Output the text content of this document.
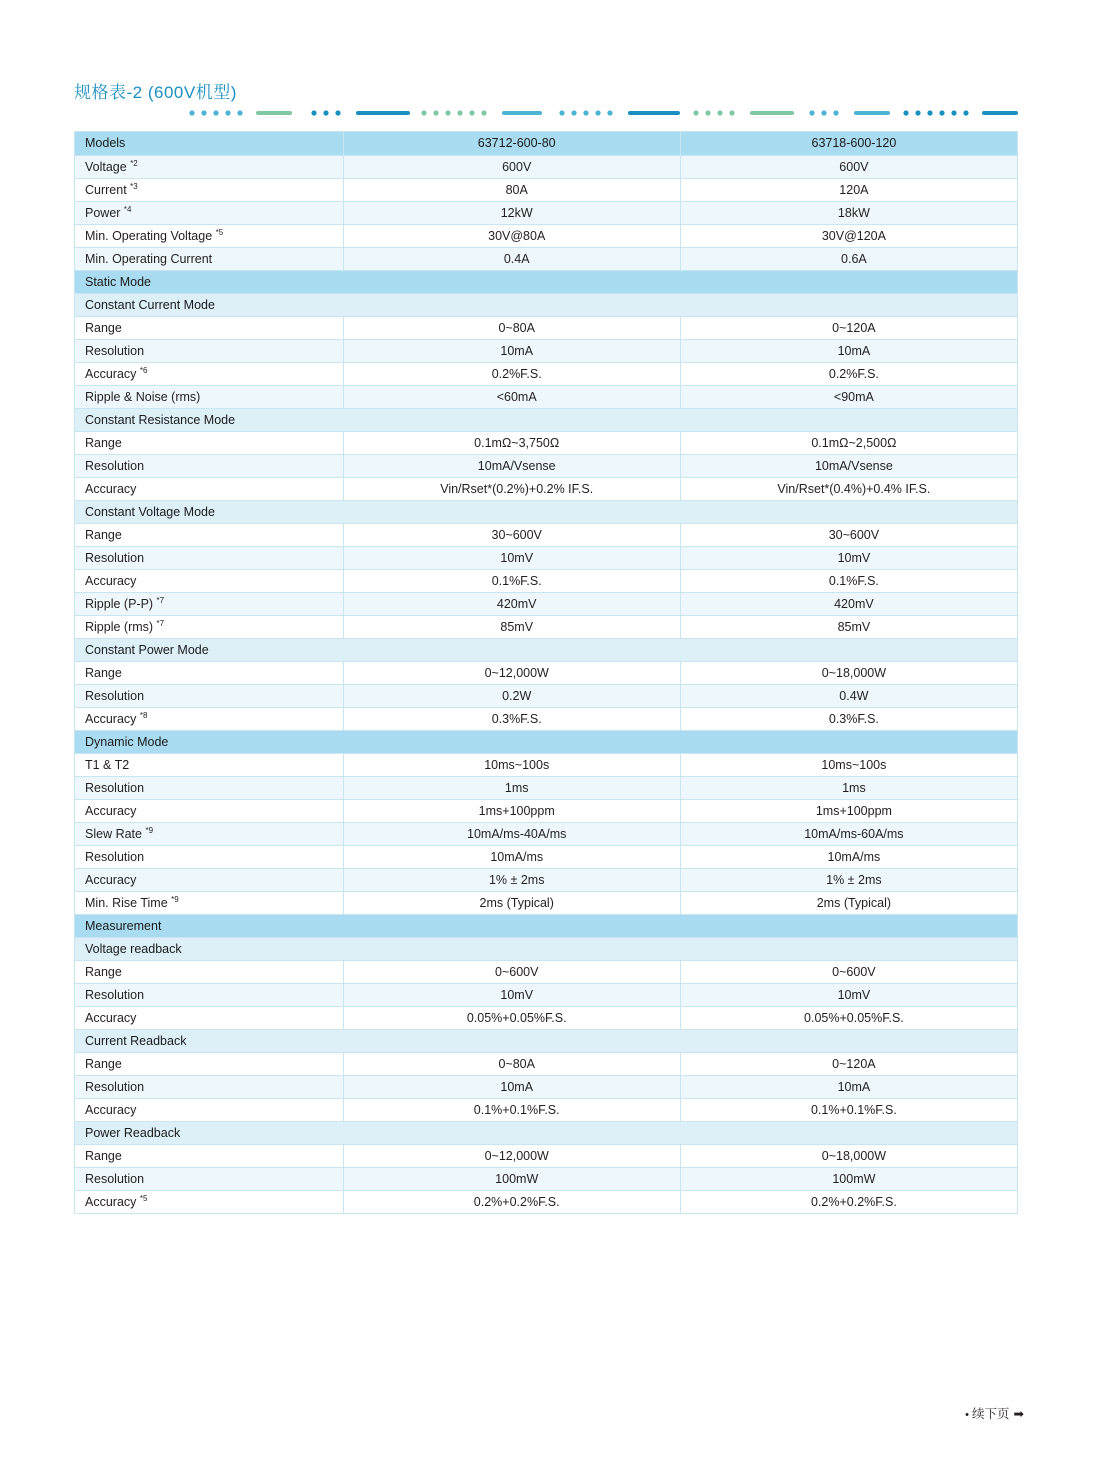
规格表-2 (600V机型)
Models	63712-600-80	63718-600-120
Voltage $^{*2}$	600V	600V
Current $^{*3}$	80A	120A
Power $^{*4}$	12kW	18kW
Min. Operating Voltage $^{*5}$	30V@80A	30V@120A
Min. Operating Current	0.4A	0.6A
Static Mode		
Constant Current Mode		
Range	0~80A	0~120A
Resolution	10mA	10mA
Accuracy $^{*6}$	0.2%F.S.	0.2%F.S.
Ripple & Noise (rms)	<60mA	<90mA
Constant Resistance Mode		
Range	0.1mΩ~3,750Ω	0.1mΩ~2,500Ω
Resolution	10mA/Vsense	10mA/Vsense
Accuracy	Vin/Rset*(0.2%)+0.2% IF.S.	Vin/Rset*(0.4%)+0.4% IF.S.
Constant Voltage Mode		
Range	30~600V	30~600V
Resolution	10mV	10mV
Accuracy	0.1%F.S.	0.1%F.S.
Ripple (P-P) $^{*7}$	420mV	420mV
Ripple (rms) $^{*7}$	85mV	85mV
Constant Power Mode		
Range	0~12,000W	0~18,000W
Resolution	0.2W	0.4W
Accuracy $^{*8}$	0.3%F.S.	0.3%F.S.
Dynamic Mode		
T1 & T2	10ms~100s	10ms~100s
Resolution	1ms	1ms
Accuracy	1ms+100ppm	1ms+100ppm
Slew Rate $^{*9}$	10mA/ms-40A/ms	10mA/ms-60A/ms
Resolution	10mA/ms	10mA/ms
Accuracy	1% ± 2ms	1% ± 2ms
Min. Rise Time $^{*9}$	2ms (Typical)	2ms (Typical)
Measurement		
Voltage readback		
Range	0~600V	0~600V
Resolution	10mV	10mV
Accuracy	0.05%+0.05%F.S.	0.05%+0.05%F.S.
Current Readback		
Range	0~80A	0~120A
Resolution	10mA	10mA
Accuracy	0.1%+0.1%F.S.	0.1%+0.1%F.S.
Power Readback		
Range	0~12,000W	0~18,000W
Resolution	100mW	100mW
Accuracy $^{*5}$	0.2%+0.2%F.S.	0.2%+0.2%F.S.
• 续下页 ➡
